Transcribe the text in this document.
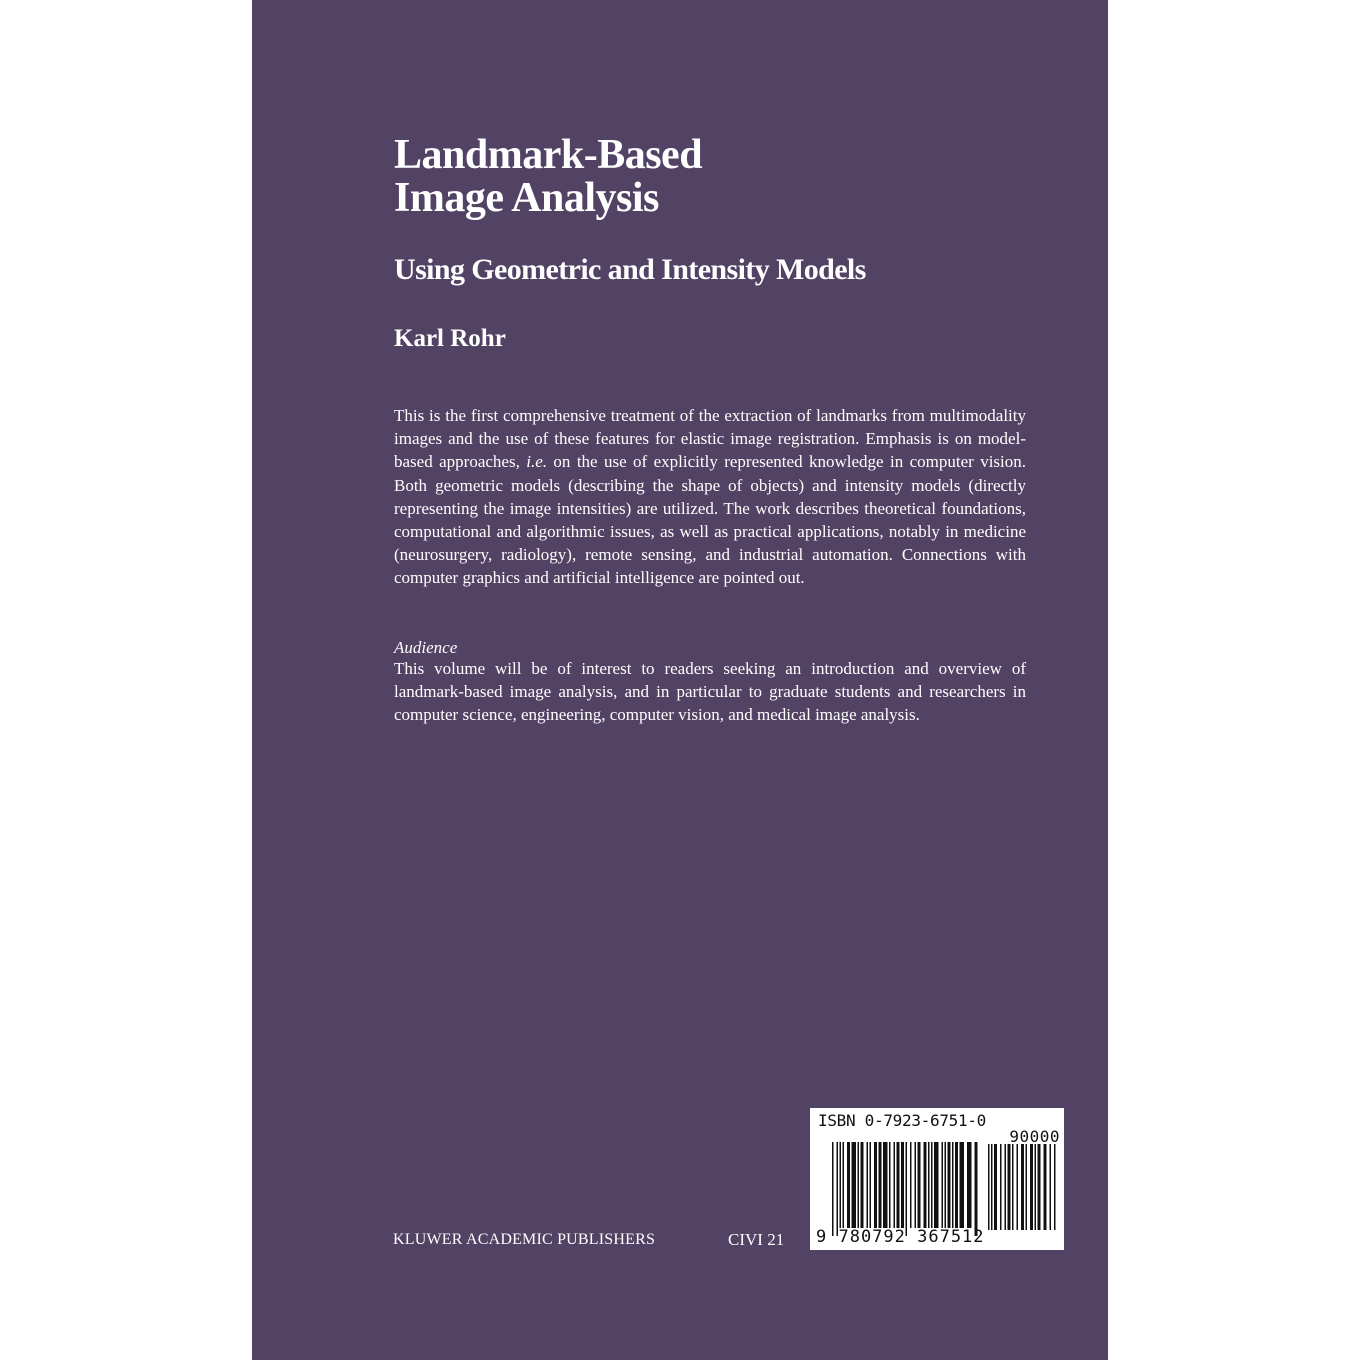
Landmark-Based
Image Analysis
Using Geometric and Intensity Models
Karl Rohr

This is the first comprehensive treatment of the extraction of landmarks from multimodality images and the use of these features for elastic image registration. Emphasis is on model-based approaches, i.e. on the use of explicitly represented knowledge in computer vision. Both geometric models (describing the shape of objects) and intensity models (directly representing the image intensities) are utilized. The work describes theoretical foundations, computational and algorithmic issues, as well as practical applications, notably in medicine (neurosurgery, radiology), remote sensing, and industrial automation. Connections with computer graphics and artificial intelligence are pointed out.

Audience

This volume will be of interest to readers seeking an introduction and overview of landmark-based image analysis, and in particular to graduate students and researchers in computer science, engineering, computer vision, and medical image analysis.

KLUWER ACADEMIC PUBLISHERS	CIVI 21
ISBN 0-7923-6751-0
90000
9 780792 367512
